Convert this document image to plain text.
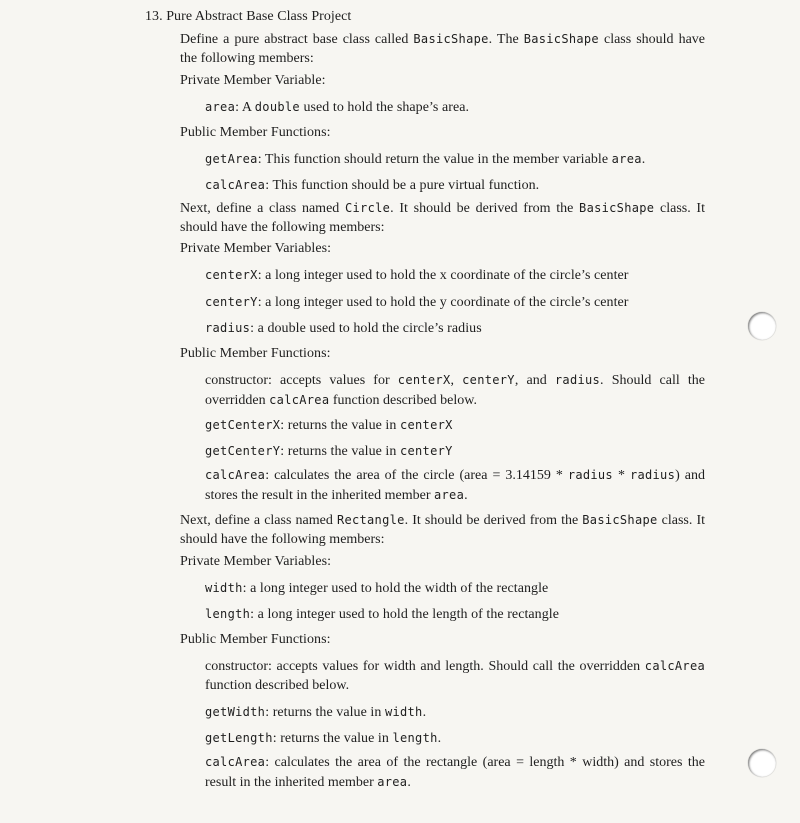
13. Pure Abstract Base Class Project
Define a pure abstract base class called BasicShape. The BasicShape class should have the following members:
Private Member Variable:
area: A double used to hold the shape’s area.
Public Member Functions:
getArea: This function should return the value in the member variable area.
calcArea: This function should be a pure virtual function.
Next, define a class named Circle. It should be derived from the BasicShape class. It should have the following members:
Private Member Variables:
centerX: a long integer used to hold the x coordinate of the circle’s center
centerY: a long integer used to hold the y coordinate of the circle’s center
radius: a double used to hold the circle’s radius
Public Member Functions:
constructor: accepts values for centerX, centerY, and radius. Should call the overridden calcArea function described below.
getCenterX: returns the value in centerX
getCenterY: returns the value in centerY
calcArea: calculates the area of the circle (area = 3.14159 * radius * radius) and stores the result in the inherited member area.
Next, define a class named Rectangle. It should be derived from the BasicShape class. It should have the following members:
Private Member Variables:
width: a long integer used to hold the width of the rectangle
length: a long integer used to hold the length of the rectangle
Public Member Functions:
constructor: accepts values for width and length. Should call the overridden calcArea function described below.
getWidth: returns the value in width.
getLength: returns the value in length.
calcArea: calculates the area of the rectangle (area = length * width) and stores the result in the inherited member area.
